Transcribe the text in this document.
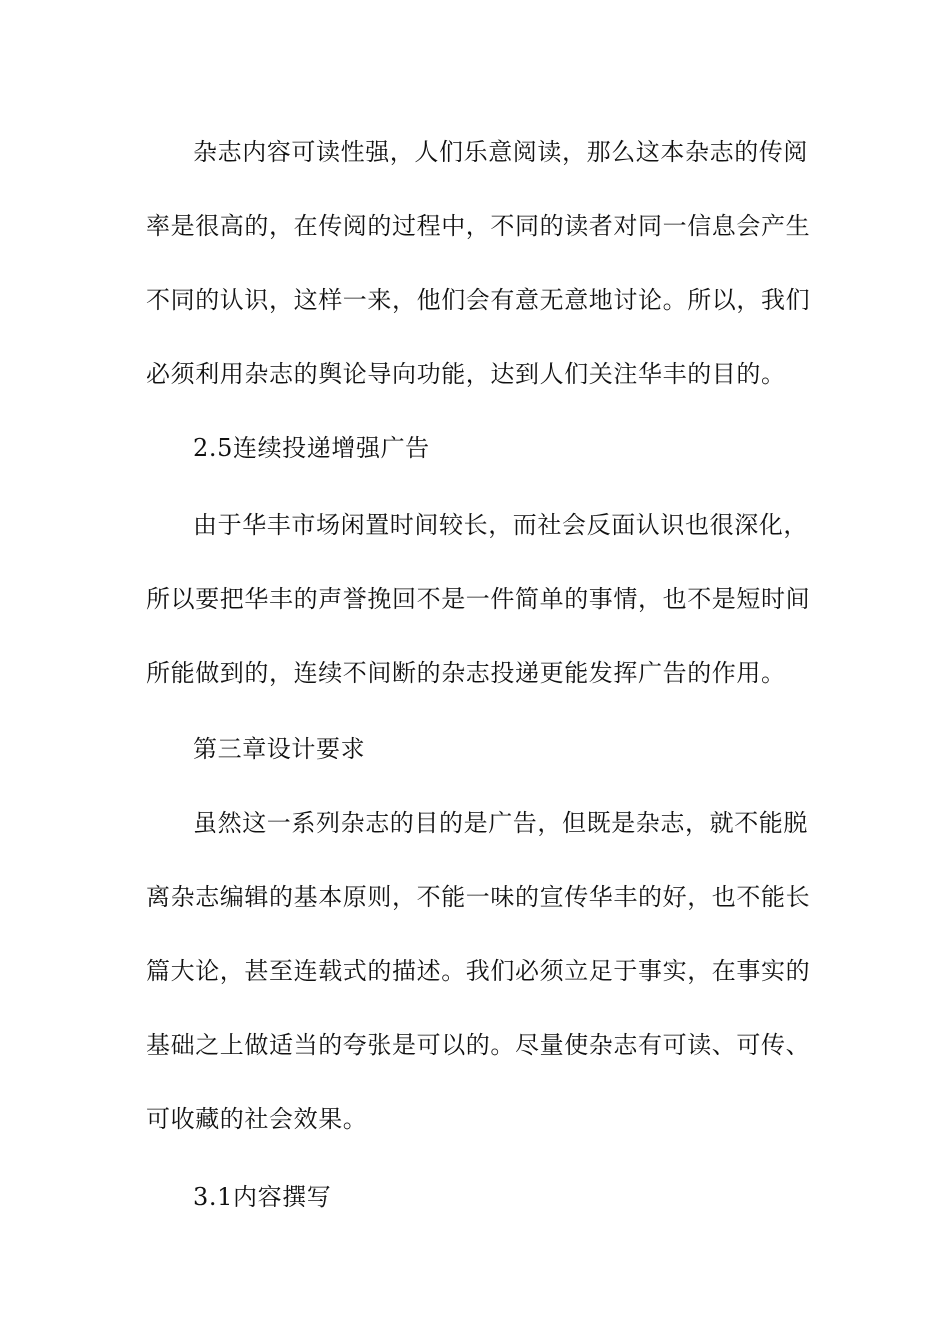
杂志内容可读性强，人们乐意阅读，那么这本杂志的传阅
率是很高的，在传阅的过程中，不同的读者对同一信息会产生
不同的认识，这样一来，他们会有意无意地讨论。所以，我们
必须利用杂志的舆论导向功能，达到人们关注华丰的目的。
2.5连续投递增强广告
由于华丰市场闲置时间较长，而社会反面认识也很深化，
所以要把华丰的声誉挽回不是一件简单的事情，也不是短时间
所能做到的，连续不间断的杂志投递更能发挥广告的作用。
第三章设计要求
虽然这一系列杂志的目的是广告，但既是杂志，就不能脱
离杂志编辑的基本原则，不能一味的宣传华丰的好，也不能长
篇大论，甚至连载式的描述。我们必须立足于事实，在事实的
基础之上做适当的夸张是可以的。尽量使杂志有可读、可传、
可收藏的社会效果。
3.1内容撰写
